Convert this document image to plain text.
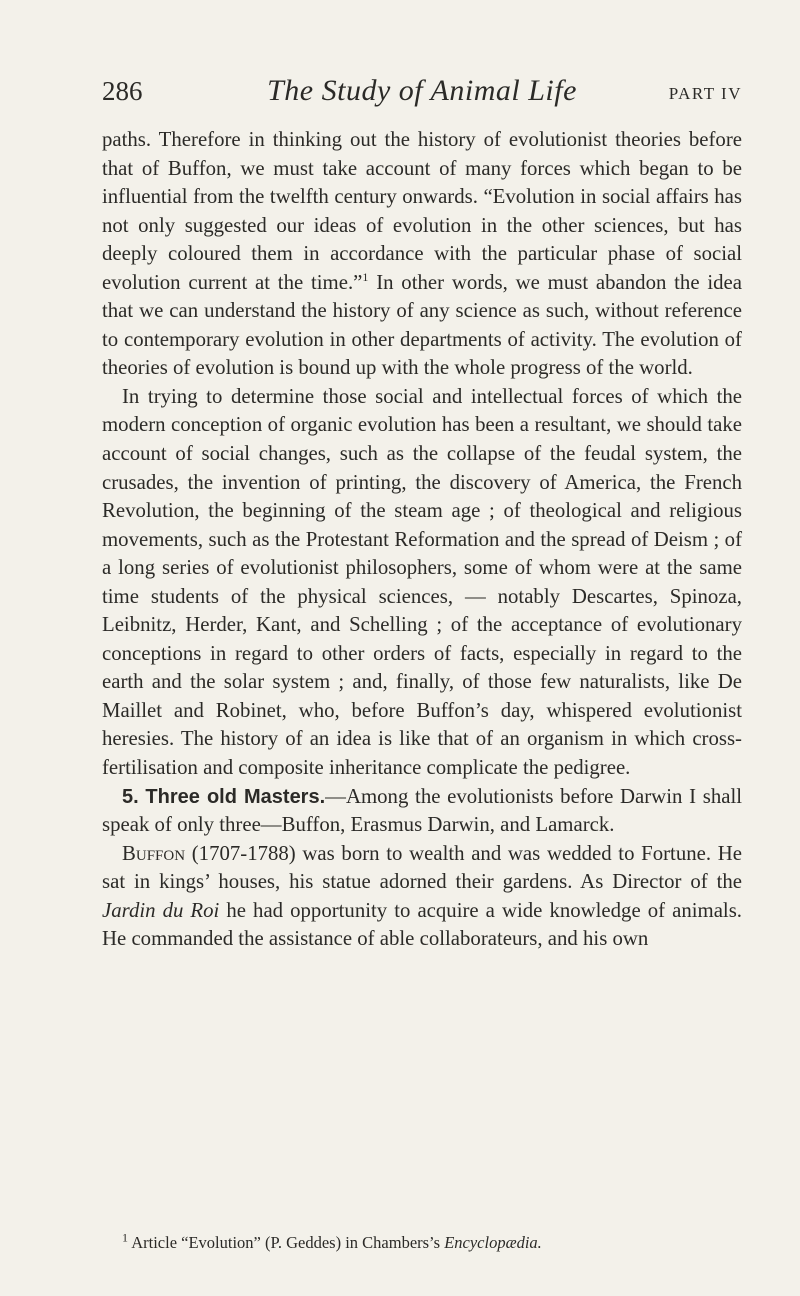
286	The Study of Animal Life	PART IV

paths. Therefore in thinking out the history of evolutionist theories before that of Buffon, we must take account of many forces which began to be influential from the twelfth century onwards. “Evolution in social affairs has not only suggested our ideas of evolution in the other sciences, but has deeply coloured them in accordance with the particular phase of social evolution current at the time.”$^1$ In other words, we must abandon the idea that we can understand the history of any science as such, without reference to contemporary evolution in other departments of activity. The evolution of theories of evolution is bound up with the whole progress of the world.

In trying to determine those social and intellectual forces of which the modern conception of organic evolution has been a resultant, we should take account of social changes, such as the collapse of the feudal system, the crusades, the invention of printing, the discovery of America, the French Revolution, the beginning of the steam age ; of theological and religious movements, such as the Protestant Reformation and the spread of Deism ; of a long series of evolutionist philosophers, some of whom were at the same time students of the physical sciences, — notably Descartes, Spinoza, Leibnitz, Herder, Kant, and Schelling ; of the acceptance of evolutionary conceptions in regard to other orders of facts, especially in regard to the earth and the solar system ; and, finally, of those few naturalists, like De Maillet and Robinet, who, before Buffon’s day, whispered evolutionist heresies. The history of an idea is like that of an organism in which cross-fertilisation and composite inheritance complicate the pedigree.

5. Three old Masters.—Among the evolutionists before Darwin I shall speak of only three—Buffon, Erasmus Darwin, and Lamarck.

Buffon (1707-1788) was born to wealth and was wedded to Fortune. He sat in kings’ houses, his statue adorned their gardens. As Director of the Jardin du Roi he had opportunity to acquire a wide knowledge of animals. He commanded the assistance of able collaborateurs, and his own

$^1$ Article “Evolution” (P. Geddes) in Chambers’s Encyclopædia.
